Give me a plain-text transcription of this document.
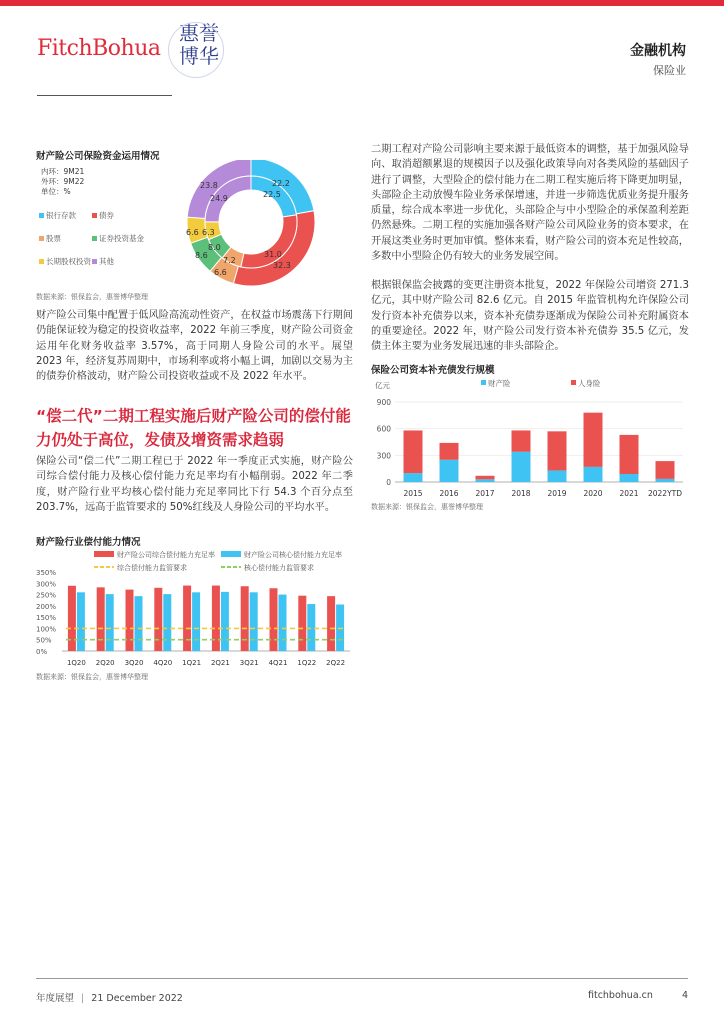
FitchBohua
惠誉
博华	金融机构
保险业
财产险公司保险资金运用情况
内环：9M21
外环：9M22
单位：%
银行存款	债券
股票	证券投资基金
长期股权投资 其他
22.2
22.5
31.0
32.3
7.2
6.6
8.0
8.6
6.3
6.6
23.8
24.9
数据来源：银保监会，惠誉博华整理

财产险公司集中配置于低风险高流动性资产，在权益市场震荡下行期间仍能保证较为稳定的投资收益率，2022 年前三季度，财产险公司资金运用年化财务收益率 3.57%，高于同期人身险公司的水平。展望 2023 年，经济复苏周期中，市场利率或将小幅上调，加剧以交易为主的债券价格波动，财产险公司投资收益或不及 2022 年水平。

“偿二代”二期工程实施后财产险公司的偿付能力仍处于高位，发债及增资需求趋弱

保险公司“偿二代”二期工程已于 2022 年一季度正式实施，财产险公司综合偿付能力及核心偿付能力充足率均有小幅削弱。2022 年二季度，财产险行业平均核心偿付能力充足率同比下行 54.3 个百分点至 203.7%，远高于监管要求的 50%红线及人身险公司的平均水平。

财产险行业偿付能力情况
财产险公司综合偿付能力充足率	财产险公司核心偿付能力充足率
综合偿付能力监管要求	核心偿付能力监管要求
0%
50%
100%
150%
200%
250%
300%
350%
1Q20 2Q20 3Q20 4Q20 1Q21 2Q21 3Q21 4Q21 1Q22 2Q22
数据来源：银保监会，惠誉博华整理

二期工程对产险公司影响主要来源于最低资本的调整，基于加强风险导向、取消超额累退的规模因子以及强化政策导向对各类风险的基础因子进行了调整，大型险企的偿付能力在二期工程实施后将下降更加明显，头部险企主动放慢车险业务承保增速，并进一步筛选优质业务提升服务质量，综合成本率进一步优化，头部险企与中小型险企的承保盈利差距仍然悬殊。二期工程的实施加强各财产险公司风险业务的资本要求，在开展这类业务时更加审慎。整体来看，财产险公司的资本充足性较高，多数中小型险企仍有较大的业务发展空间。

根据银保监会披露的变更注册资本批复，2022 年保险公司增资 271.3 亿元，其中财产险公司 82.6 亿元。自 2015 年监管机构允许保险公司发行资本补充债券以来，资本补充债券逐渐成为保险公司补充附属资本的重要途径。2022 年，财产险公司发行资本补充债券 35.5 亿元，发债主体主要为业务发展迅速的非头部险企。

保险公司资本补充债发行规模
亿元	财产险	人身险
0
300
600
900
2015 2016 2017 2018 2019 2020 2021 2022YTD
数据来源：银保监会，惠誉博华整理
年度展望 | 21 December 2022	fitchbohua.cn	4
